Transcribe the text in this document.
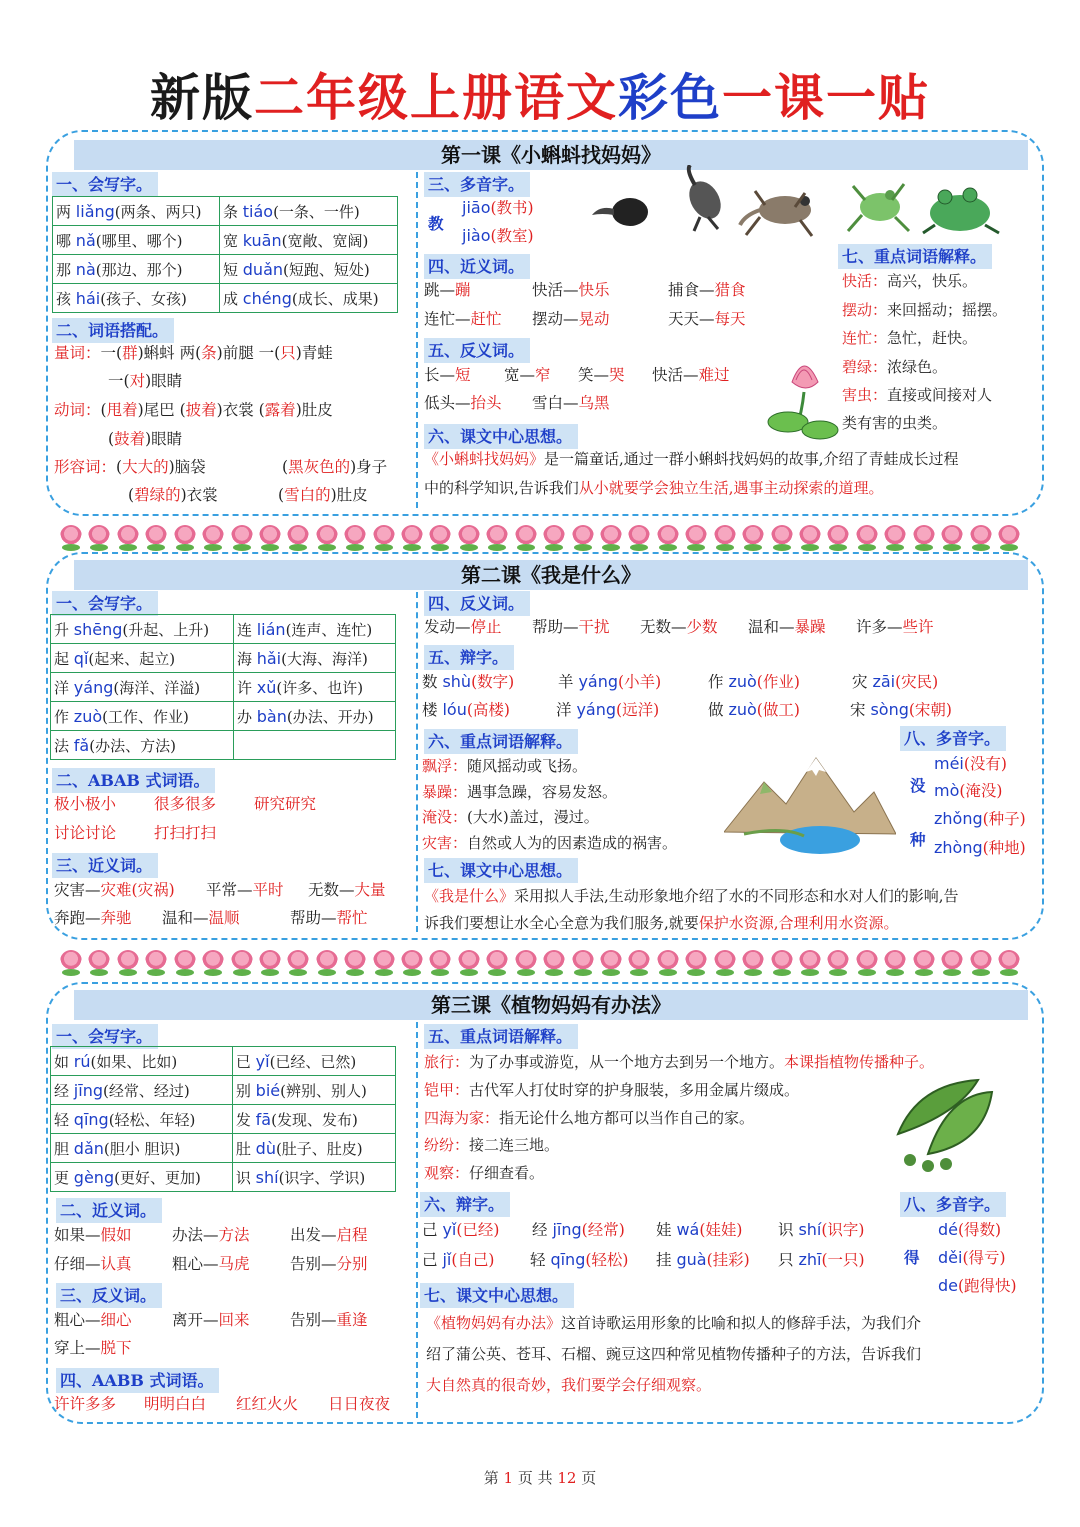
新版二年级上册语文彩色一课一贴
第一课《小蝌蚪找妈妈》
一、会写字。
两 liǎng(两条、两只)	条 tiáo(一条、一件)
哪 nǎ(哪里、哪个)	宽 kuān(宽敞、宽阔)
那 nà(那边、那个)	短 duǎn(短跑、短处)
孩 hái(孩子、女孩)	成 chéng(成长、成果)
二、词语搭配。
量词：一(群)蝌蚪 两(条)前腿 一(只)青蛙
一(对)眼睛
动词：(甩着)尾巴 (披着)衣裳 (露着)肚皮
(鼓着)眼睛
形容词：(大大的)脑袋	(黑灰色的)身子
(碧绿的)衣裳	(雪白的)肚皮
三、多音字。
教
jiāo(教书)
jiào(教室)
七、重点词语解释。
快活：高兴，快乐。
摆动：来回摇动；摇摆。
连忙：急忙，赶快。
碧绿：浓绿色。
害虫：直接或间接对人
类有害的虫类。
四、近义词。
跳—蹦	快活—快乐	捕食—猎食
连忙—赶忙 摆动—晃动	天天—每天
五、反义词。
长—短 宽—窄 笑—哭 快活—难过
低头—抬头 雪白—乌黑
六、课文中心思想。
《小蝌蚪找妈妈》是一篇童话,通过一群小蝌蚪找妈妈的故事,介绍了青蛙成长过程
中的科学知识,告诉我们从小就要学会独立生活,遇事主动探索的道理。
第二课《我是什么》
一、会写字。
升 shēng(升起、上升)	连 lián(连声、连忙)
起 qǐ(起来、起立)	海 hǎi(大海、海洋)
洋 yáng(海洋、洋溢)	许 xǔ(许多、也许)
作 zuò(工作、作业)	办 bàn(办法、开办)
法 fǎ(办法、方法)	
二、ABAB 式词语。
极小极小 很多很多 研究研究
讨论讨论 打扫打扫
三、近义词。
灾害—灾难(灾祸) 平常—平时 无数—大量
奔跑—奔驰 温和—温顺	帮助—帮忙
四、反义词。
发动—停止 帮助—干扰 无数—少数 温和—暴躁 许多—些许
五、辩字。
数 shù(数字)	羊 yáng(小羊)	作 zuò(作业)	灾 zāi(灾民)
楼 lóu(高楼)	洋 yáng(远洋)	做 zuò(做工)	宋 sòng(宋朝)
六、重点词语解释。
飘浮：随风摇动或飞扬。
暴躁：遇事急躁，容易发怒。
淹没：(大水)盖过，漫过。
灾害：自然或人为的因素造成的祸害。
八、多音字。
没
méi(没有)
mò(淹没)
种
zhǒng(种子)
zhòng(种地)
七、课文中心思想。
《我是什么》采用拟人手法,生动形象地介绍了水的不同形态和水对人们的影响,告
诉我们要想让水全心全意为我们服务,就要保护水资源,合理利用水资源。
第三课《植物妈妈有办法》
一、会写字。
如 rú(如果、比如)	已 yǐ(已经、已然)
经 jīng(经常、经过)	别 bié(辨别、别人)
轻 qīng(轻松、年轻)	发 fā(发现、发布)
胆 dǎn(胆小 胆识)	肚 dù(肚子、肚皮)
更 gèng(更好、更加)	识 shí(识字、学识)
二、近义词。
如果—假如	办法—方法	出发—启程
仔细—认真	粗心—马虎	告别—分别
三、反义词。
粗心—细心	离开—回来	告别—重逢
穿上—脱下
四、AABB 式词语。
许许多多 明明白白 红红火火 日日夜夜
五、重点词语解释。
旅行：为了办事或游览，从一个地方去到另一个地方。本课指植物传播种子。
铠甲：古代军人打仗时穿的护身服装，多用金属片缀成。
四海为家：指无论什么地方都可以当作自己的家。
纷纷：接二连三地。
观察：仔细查看。
六、辩字。
己 yǐ(已经) 经 jīng(经常) 娃 wá(娃娃) 识 shí(识字)
己 jǐ(自己) 轻 qīng(轻松) 挂 guà(挂彩) 只 zhī(一只)
八、多音字。
得
dé(得数)
děi(得亏)
de(跑得快)
七、课文中心思想。
《植物妈妈有办法》这首诗歌运用形象的比喻和拟人的修辞手法，为我们介
绍了蒲公英、苍耳、石榴、豌豆这四种常见植物传播种子的方法，告诉我们
大自然真的很奇妙，我们要学会仔细观察。
第 1 页 共 12 页
